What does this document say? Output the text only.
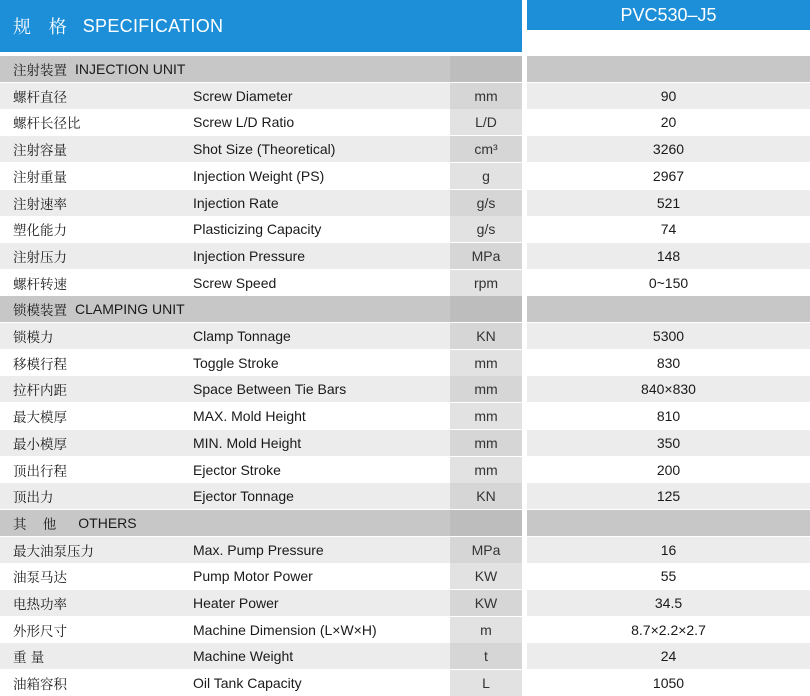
规 格 SPECIFICATION
PVC530–J5
注射装置 INJECTION UNIT
螺杆直径	Screw Diameter	mm	90
螺杆长径比	Screw L/D Ratio	L/D	20
注射容量	Shot Size (Theoretical)	cm³	3260
注射重量	Injection Weight (PS)	g	2967
注射速率	Injection Rate	g/s	521
塑化能力	Plasticizing Capacity	g/s	74
注射压力	Injection Pressure	MPa	148
螺杆转速	Screw Speed	rpm	0~150
锁模装置 CLAMPING UNIT
锁模力	Clamp Tonnage	KN	5300
移模行程	Toggle Stroke	mm	830
拉杆内距	Space Between Tie Bars	mm	840×830
最大模厚	MAX. Mold Height	mm	810
最小模厚	MIN. Mold Height	mm	350
顶出行程	Ejector Stroke	mm	200
顶出力	Ejector Tonnage	KN	125
其 他 OTHERS
最大油泵压力	Max. Pump Pressure	MPa	16
油泵马达	Pump Motor Power	KW	55
电热功率	Heater Power	KW	34.5
外形尺寸	Machine Dimension (L×W×H)	m	8.7×2.2×2.7
重 量	Machine Weight	t	24
油箱容积	Oil Tank Capacity	L	1050
